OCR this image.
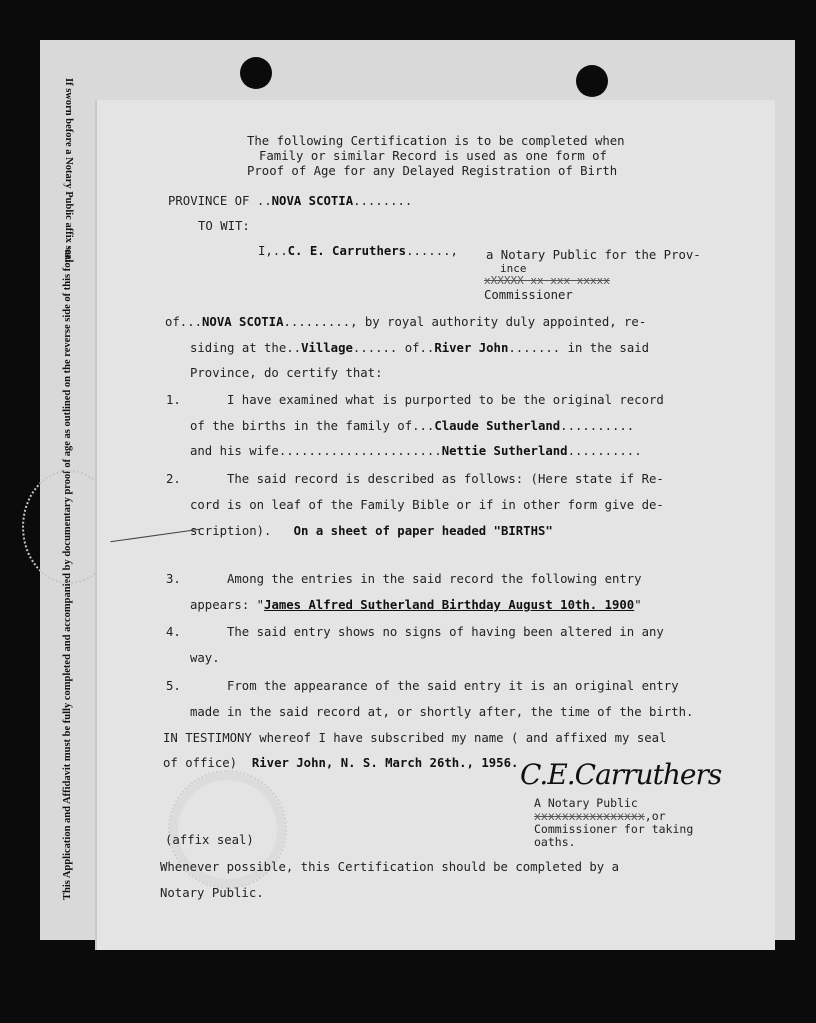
If sworn before a Notary Public affix seal.
This Application and Affidavit must be fully completed and accompanied by documentary proof of age as outlined on the reverse side of this form.
The following Certification is to be completed when
Family or similar Record is used as one form of
Proof of Age for any Delayed Registration of Birth
PROVINCE OF ..NOVA SCOTIA........
TO WIT:
I,..C. E. Carruthers......, a Notary Public for the Prov-
ince
xXXXXX xx xxx xxxxx
Commissioner
of...NOVA SCOTIA........., by royal authority duly appointed, re-
siding at the..Village...... of..River John....... in the said
Province, do certify that:
1.	I have examined what is purported to be the original record
of the births in the family of...Claude Sutherland..........
and his wife......................Nettie Sutherland..........
2.	The said record is described as follows: (Here state if Re-
cord is on leaf of the Family Bible or if in other form give de-
scription). On a sheet of paper headed "BIRTHS"
3.	Among the entries in the said record the following entry
appears: "James Alfred Sutherland Birthday August 10th. 1900"
4.	The said entry shows no signs of having been altered in any
way.
5.	From the appearance of the said entry it is an original entry
made in the said record at, or shortly after, the time of the birth.
IN TESTIMONY whereof I have subscribed my name ( and affixed my seal
of office) River John, N. S. March 26th., 1956. C.E.Carruthers
A Notary Public
xxxxxxxxxxxxxxxx,or
Commissioner for taking
oaths.
(affix seal)
Whenever possible, this Certification should be completed by a
Notary Public.
